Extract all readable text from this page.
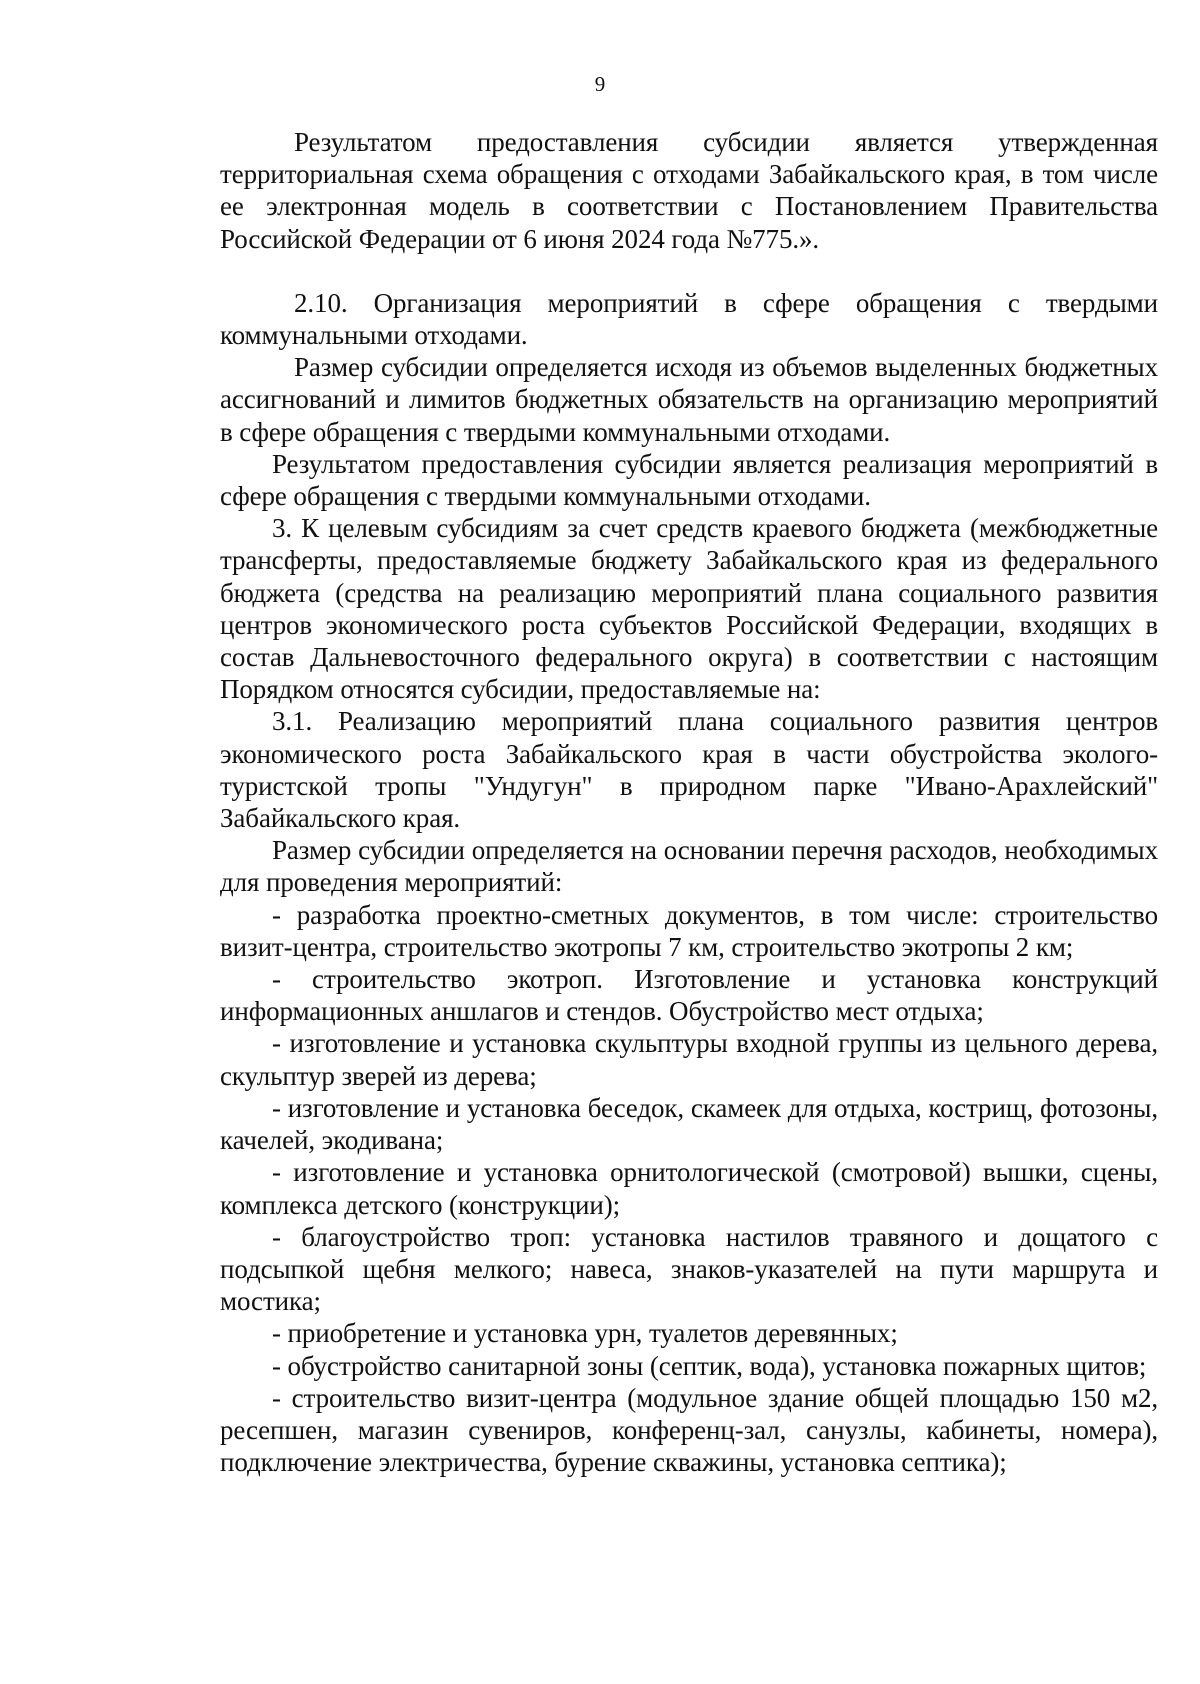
9

Результатом предоставления субсидии является утвержденная территориальная схема обращения с отходами Забайкальского края, в том числе ее электронная модель в соответствии с Постановлением Правительства Российской Федерации от 6 июня 2024 года №775.».

2.10. Организация мероприятий в сфере обращения с твердыми коммунальными отходами.

Размер субсидии определяется исходя из объемов выделенных бюджетных ассигнований и лимитов бюджетных обязательств на организацию мероприятий в сфере обращения с твердыми коммунальными отходами.

Результатом предоставления субсидии является реализация мероприятий в сфере обращения с твердыми коммунальными отходами.

3. К целевым субсидиям за счет средств краевого бюджета (межбюджетные трансферты, предоставляемые бюджету Забайкальского края из федерального бюджета (средства на реализацию мероприятий плана социального развития центров экономического роста субъектов Российской Федерации, входящих в состав Дальневосточного федерального округа) в соответствии с настоящим Порядком относятся субсидии, предоставляемые на:

3.1. Реализацию мероприятий плана социального развития центров экономического роста Забайкальского края в части обустройства эколого-туристской тропы "Ундугун" в природном парке "Ивано-Арахлейский" Забайкальского края.

Размер субсидии определяется на основании перечня расходов, необходимых для проведения мероприятий:

- разработка проектно-сметных документов, в том числе: строительство визит-центра, строительство экотропы 7 км, строительство экотропы 2 км;

- строительство экотроп. Изготовление и установка конструкций информационных аншлагов и стендов. Обустройство мест отдыха;

- изготовление и установка скульптуры входной группы из цельного дерева, скульптур зверей из дерева;

- изготовление и установка беседок, скамеек для отдыха, кострищ, фотозоны, качелей, экодивана;

- изготовление и установка орнитологической (смотровой) вышки, сцены, комплекса детского (конструкции);

- благоустройство троп: установка настилов травяного и дощатого с подсыпкой щебня мелкого; навеса, знаков-указателей на пути маршрута и мостика;

- приобретение и установка урн, туалетов деревянных;

- обустройство санитарной зоны (септик, вода), установка пожарных щитов;

- строительство визит-центра (модульное здание общей площадью 150 м2, ресепшен, магазин сувениров, конференц-зал, санузлы, кабинеты, номера), подключение электричества, бурение скважины, установка септика);
